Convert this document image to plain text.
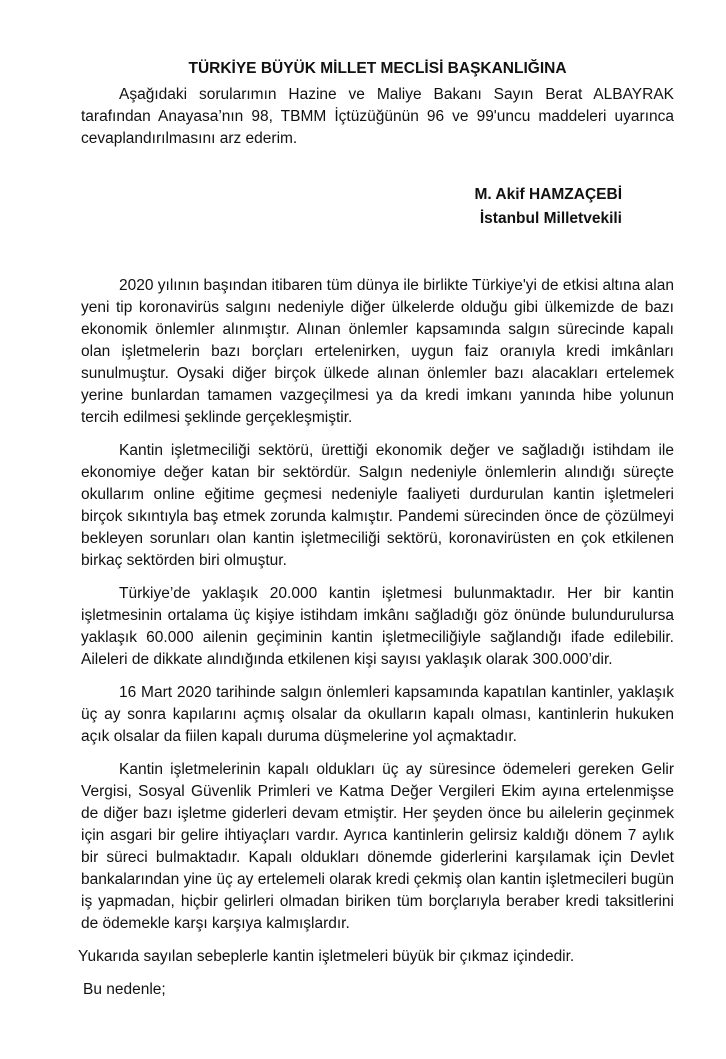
TÜRKİYE BÜYÜK MİLLET MECLİSİ BAŞKANLIĞINA

Aşağıdaki sorularımın Hazine ve Maliye Bakanı Sayın Berat ALBAYRAK tarafından Anayasa’nın 98, TBMM İçtüzüğünün 96 ve 99'uncu maddeleri uyarınca cevaplandırılmasını arz ederim.

M. Akif HAMZAÇEBİ
İstanbul Milletvekili

2020 yılının başından itibaren tüm dünya ile birlikte Türkiye'yi de etkisi altına alan yeni tip koronavirüs salgını nedeniyle diğer ülkelerde olduğu gibi ülkemizde de bazı ekonomik önlemler alınmıştır. Alınan önlemler kapsamında salgın sürecinde kapalı olan işletmelerin bazı borçları ertelenirken, uygun faiz oranıyla kredi imkânları sunulmuştur. Oysaki diğer birçok ülkede alınan önlemler bazı alacakları ertelemek yerine bunlardan tamamen vazgeçilmesi ya da kredi imkanı yanında hibe yolunun tercih edilmesi şeklinde gerçekleşmiştir.

Kantin işletmeciliği sektörü, ürettiği ekonomik değer ve sağladığı istihdam ile ekonomiye değer katan bir sektördür. Salgın nedeniyle önlemlerin alındığı süreçte okullarım online eğitime geçmesi nedeniyle faaliyeti durdurulan kantin işletmeleri birçok sıkıntıyla baş etmek zorunda kalmıştır. Pandemi sürecinden önce de çözülmeyi bekleyen sorunları olan kantin işletmeciliği sektörü, koronavirüsten en çok etkilenen birkaç sektörden biri olmuştur.

Türkiye’de yaklaşık 20.000 kantin işletmesi bulunmaktadır. Her bir kantin işletmesinin ortalama üç kişiye istihdam imkânı sağladığı göz önünde bulundurulursa yaklaşık 60.000 ailenin geçiminin kantin işletmeciliğiyle sağlandığı ifade edilebilir. Aileleri de dikkate alındığında etkilenen kişi sayısı yaklaşık olarak 300.000’dir.

16 Mart 2020 tarihinde salgın önlemleri kapsamında kapatılan kantinler, yaklaşık üç ay sonra kapılarını açmış olsalar da okulların kapalı olması, kantinlerin hukuken açık olsalar da fiilen kapalı duruma düşmelerine yol açmaktadır.

Kantin işletmelerinin kapalı oldukları üç ay süresince ödemeleri gereken Gelir Vergisi, Sosyal Güvenlik Primleri ve Katma Değer Vergileri Ekim ayına ertelenmişse de diğer bazı işletme giderleri devam etmiştir. Her şeyden önce bu ailelerin geçinmek için asgari bir gelire ihtiyaçları vardır. Ayrıca kantinlerin gelirsiz kaldığı dönem 7 aylık bir süreci bulmaktadır. Kapalı oldukları dönemde giderlerini karşılamak için Devlet bankalarından yine üç ay ertelemeli olarak kredi çekmiş olan kantin işletmecileri bugün iş yapmadan, hiçbir gelirleri olmadan biriken tüm borçlarıyla beraber kredi taksitlerini de ödemekle karşı karşıya kalmışlardır.

Yukarıda sayılan sebeplerle kantin işletmeleri büyük bir çıkmaz içindedir.

Bu nedenle;
